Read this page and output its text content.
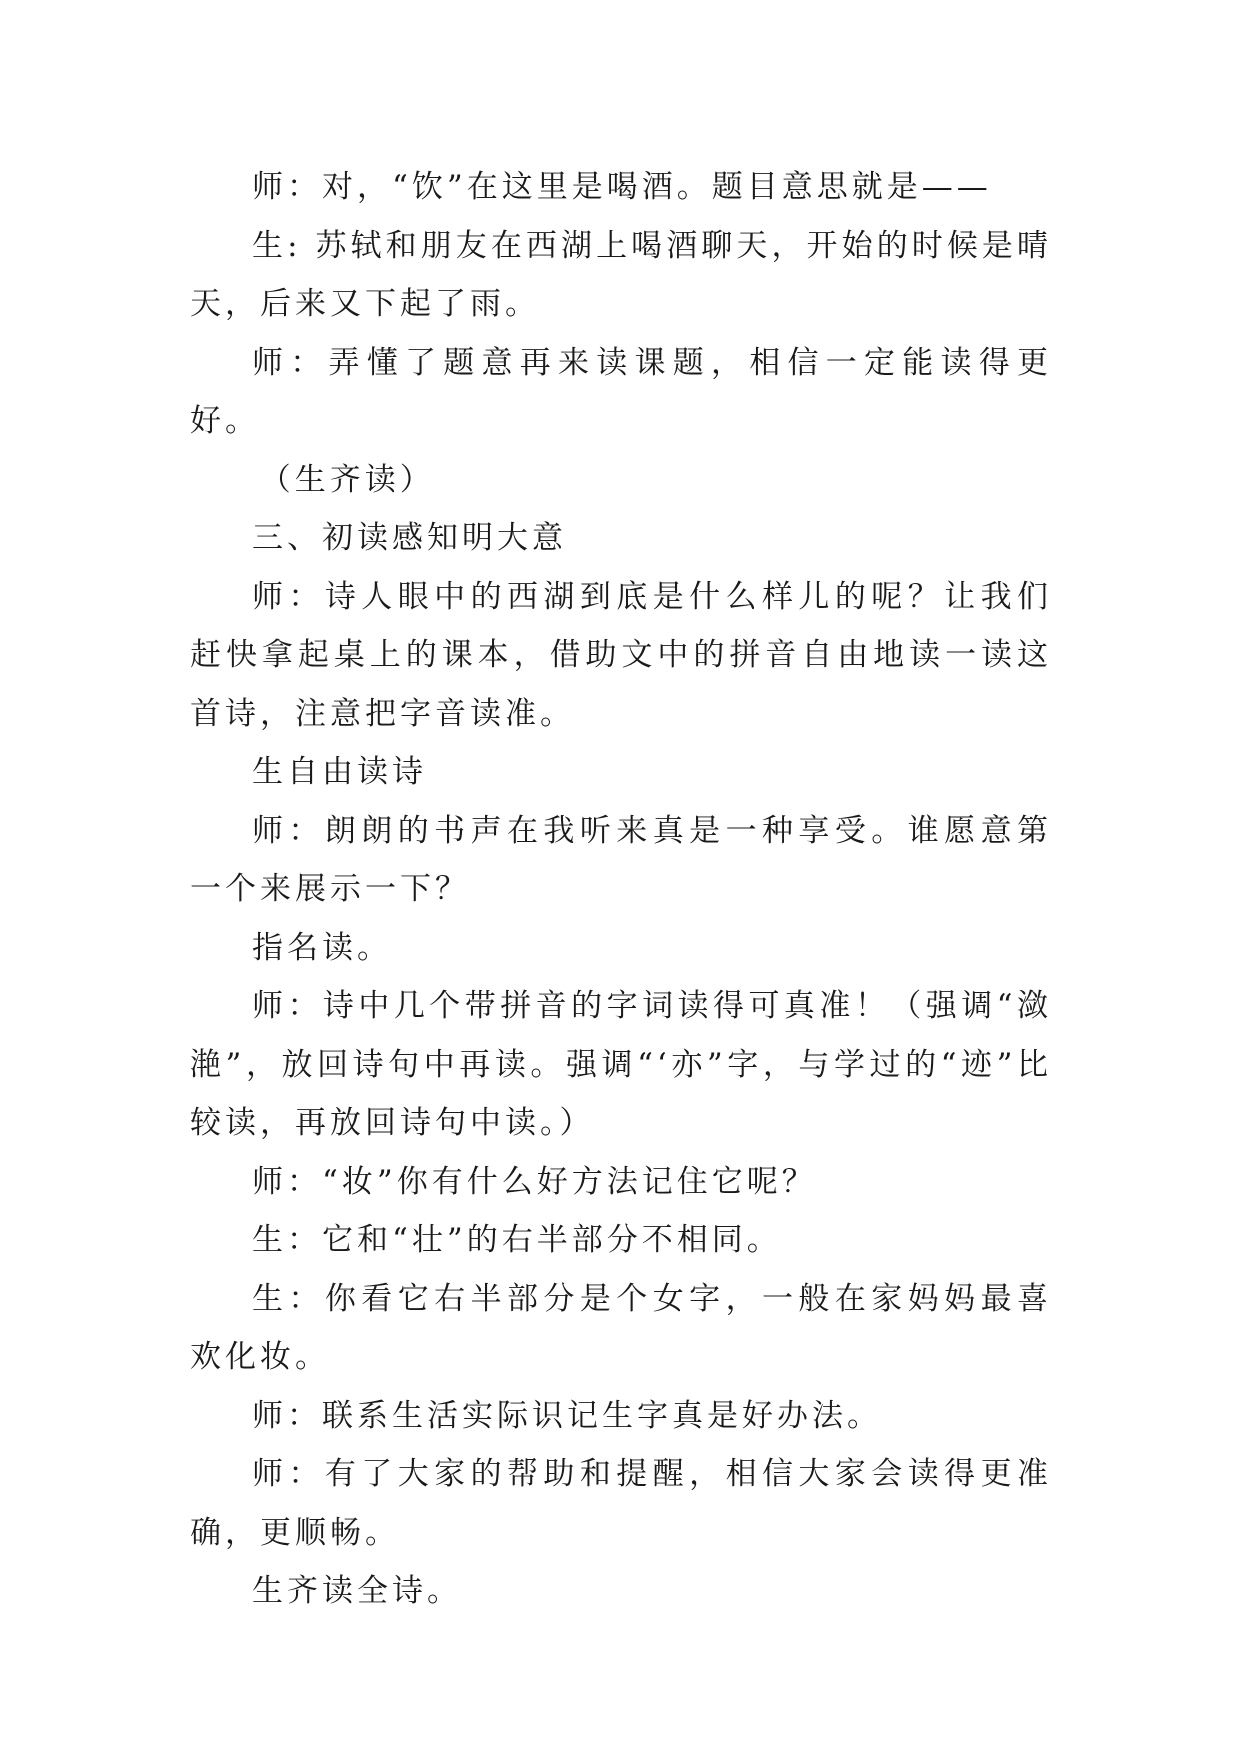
师：对，“饮”在这里是喝酒。题目意思就是——

生: 苏轼和朋友在西湖上喝酒聊天，开始的时候是晴天，后来又下起了雨。

师：弄懂了题意再来读课题，相信一定能读得更好。

（生齐读）

三、初读感知明大意

师：诗人眼中的西湖到底是什么样儿的呢？让我们赶快拿起桌上的课本，借助文中的拼音自由地读一读这首诗，注意把字音读准。

生自由读诗

师：朗朗的书声在我听来真是一种享受。谁愿意第一个来展示一下？

指名读。

师：诗中几个带拼音的字词读得可真准！（强调“潋滟”，放回诗句中再读。强调“‘亦”字，与学过的“迹”比较读，再放回诗句中读。）

师：“妆”你有什么好方法记住它呢？

生：它和“壮”的右半部分不相同。

生：你看它右半部分是个女字，一般在家妈妈最喜欢化妆。

师：联系生活实际识记生字真是好办法。

师：有了大家的帮助和提醒，相信大家会读得更准确，更顺畅。

生齐读全诗。
